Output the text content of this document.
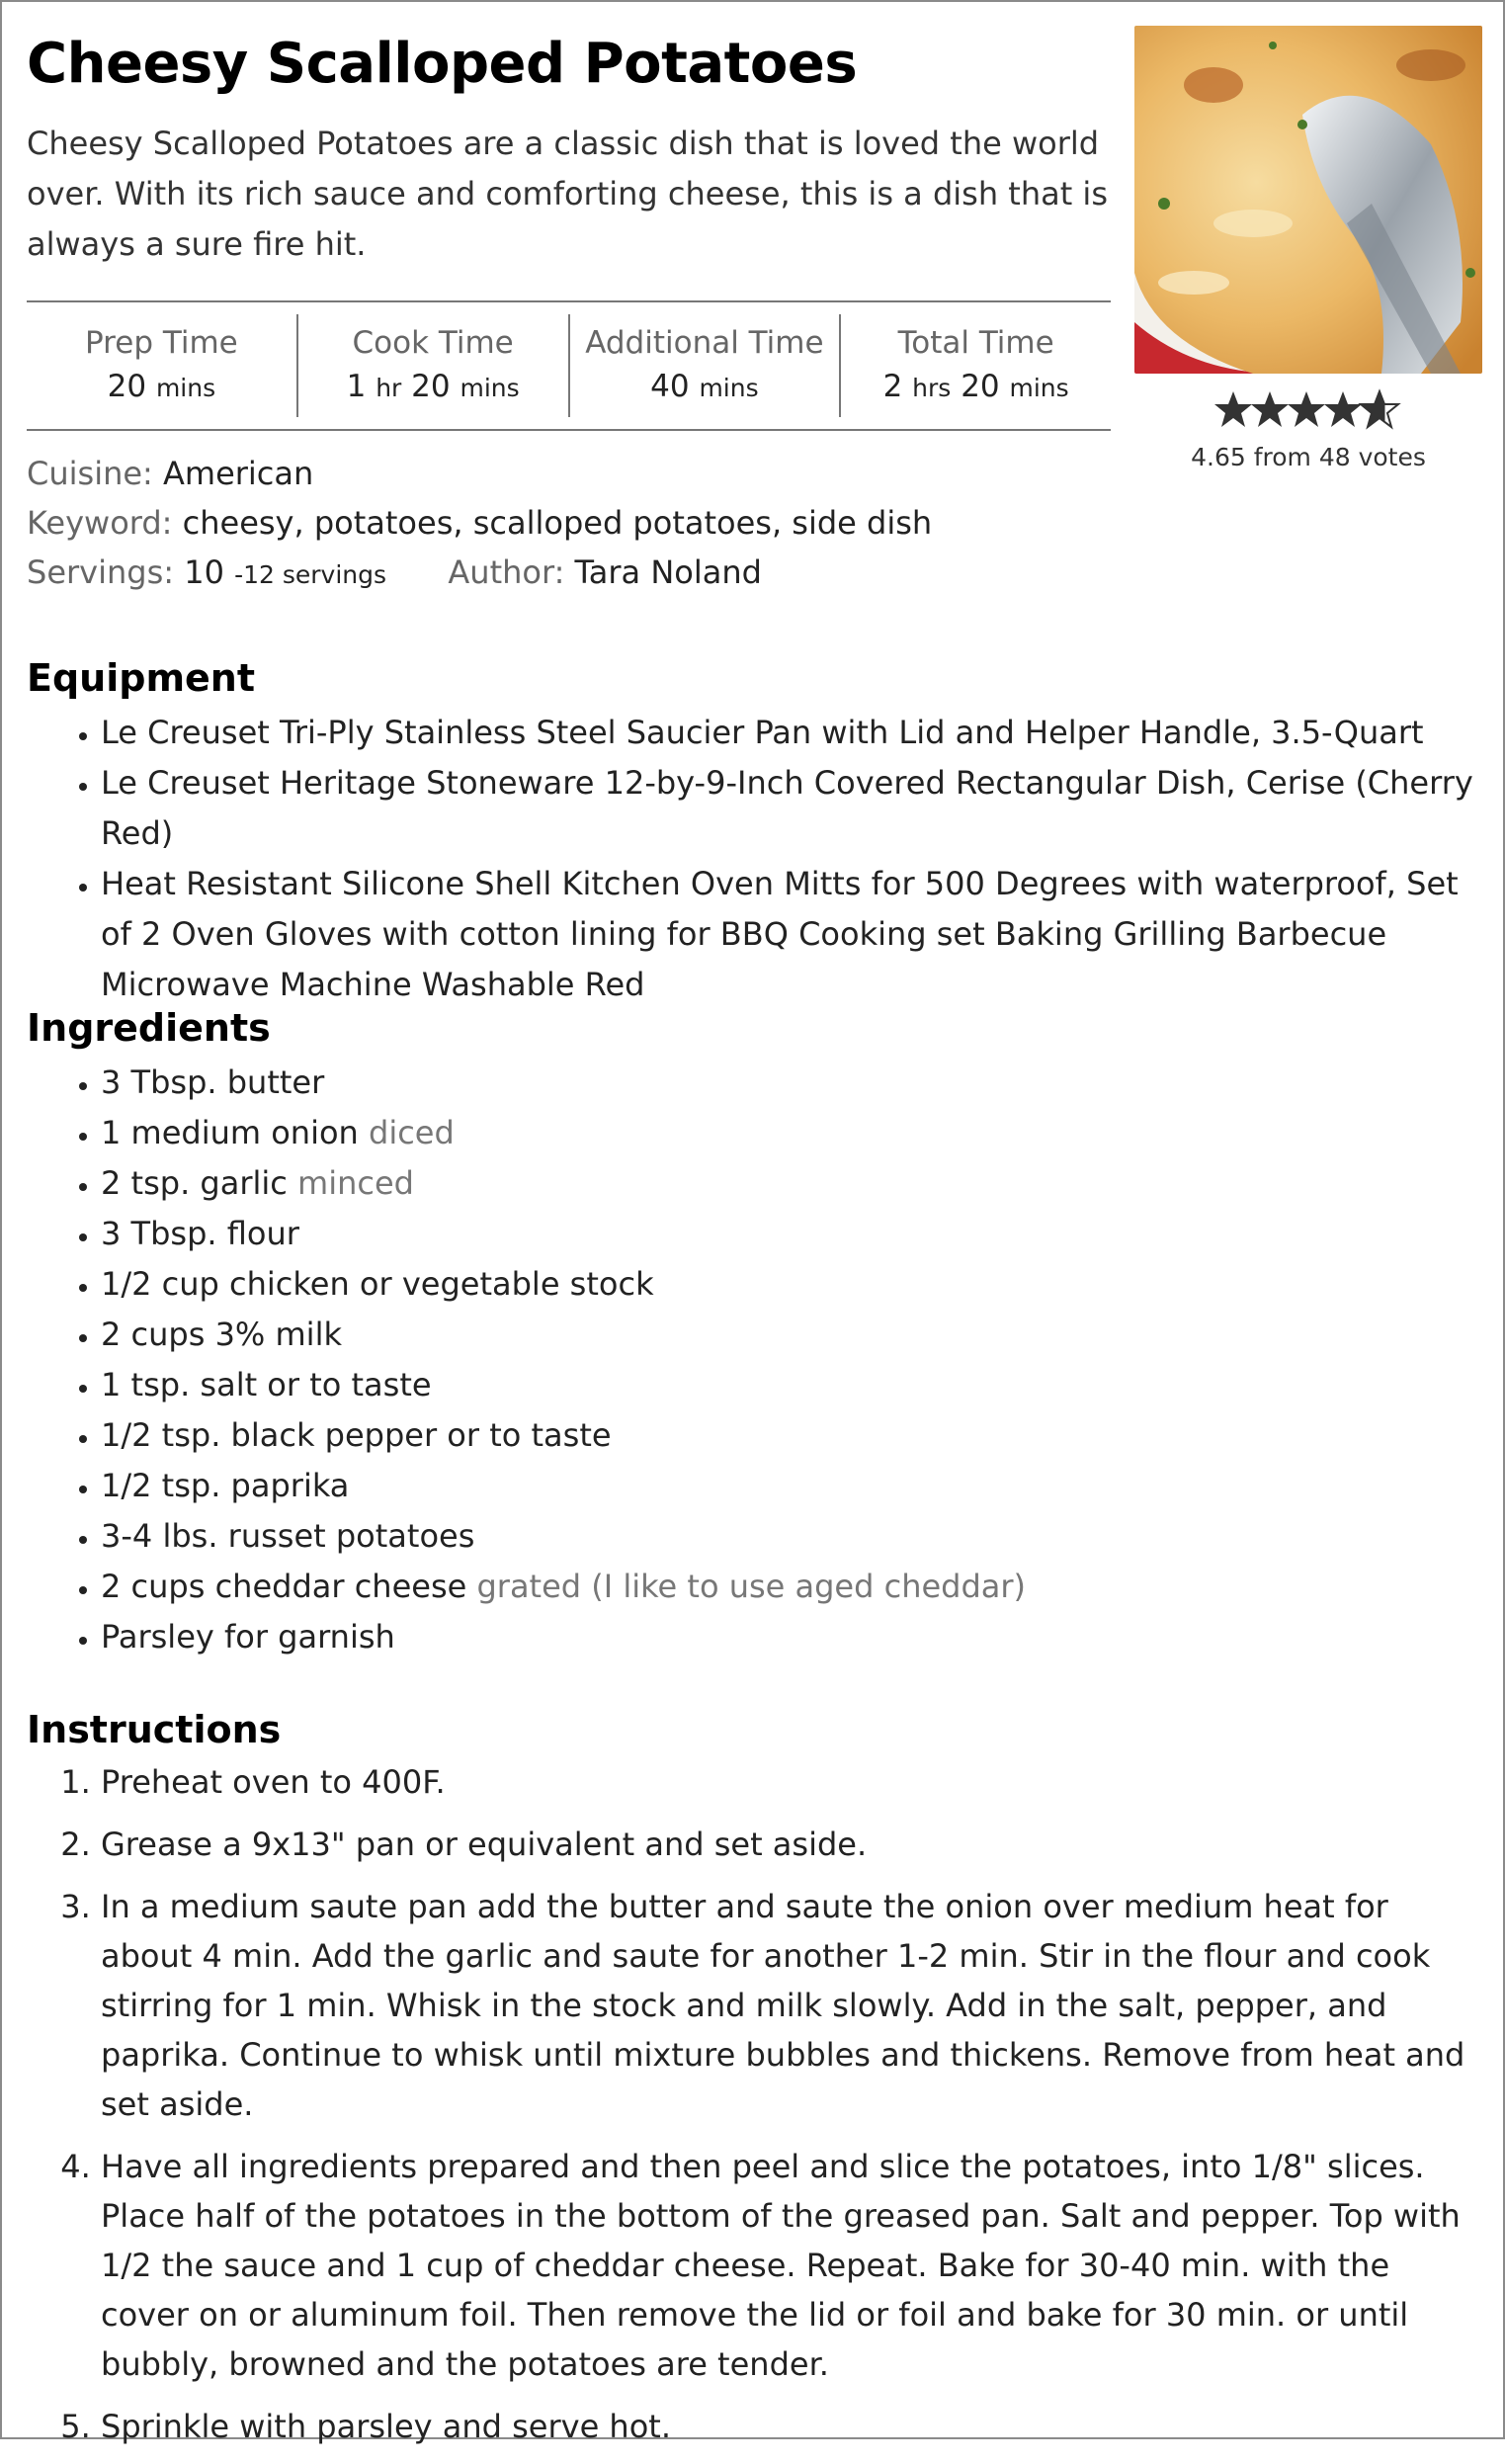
Cheesy Scalloped Potatoes

Cheesy Scalloped Potatoes are a classic dish that is loved the world over. With its rich sauce and comforting cheese, this is a dish that is always a sure fire hit.

4.65 from 48 votes
Prep Time
20 mins
Cook Time
1 hr 20 mins
Additional Time
40 mins
Total Time
2 hrs 20 mins
Cuisine: American
Keyword: cheesy, potatoes, scalloped potatoes, side dish
Servings: 10 -12 servings Author: Tara Noland
Equipment
• Le Creuset Tri-Ply Stainless Steel Saucier Pan with Lid and Helper Handle, 3.5-Quart
• Le Creuset Heritage Stoneware 12-by-9-Inch Covered Rectangular Dish, Cerise (Cherry Red)
• Heat Resistant Silicone Shell Kitchen Oven Mitts for 500 Degrees with waterproof, Set of 2 Oven Gloves with cotton lining for BBQ Cooking set Baking Grilling Barbecue Microwave Machine Washable Red
Ingredients
• 3 Tbsp. butter
• 1 medium onion diced
• 2 tsp. garlic minced
• 3 Tbsp. flour
• 1/2 cup chicken or vegetable stock
• 2 cups 3% milk
• 1 tsp. salt or to taste
• 1/2 tsp. black pepper or to taste
• 1/2 tsp. paprika
• 3-4 lbs. russet potatoes
• 2 cups cheddar cheese grated (I like to use aged cheddar)
• Parsley for garnish
Instructions
1. Preheat oven to 400F.
2. Grease a 9x13" pan or equivalent and set aside.
3. In a medium saute pan add the butter and saute the onion over medium heat for about 4 min. Add the garlic and saute for another 1-2 min. Stir in the flour and cook stirring for 1 min. Whisk in the stock and milk slowly. Add in the salt, pepper, and paprika. Continue to whisk until mixture bubbles and thickens. Remove from heat and set aside.
4. Have all ingredients prepared and then peel and slice the potatoes, into 1/8" slices. Place half of the potatoes in the bottom of the greased pan. Salt and pepper. Top with 1/2 the sauce and 1 cup of cheddar cheese. Repeat. Bake for 30-40 min. with the cover on or aluminum foil. Then remove the lid or foil and bake for 30 min. or until bubbly, browned and the potatoes are tender.
5. Sprinkle with parsley and serve hot.
